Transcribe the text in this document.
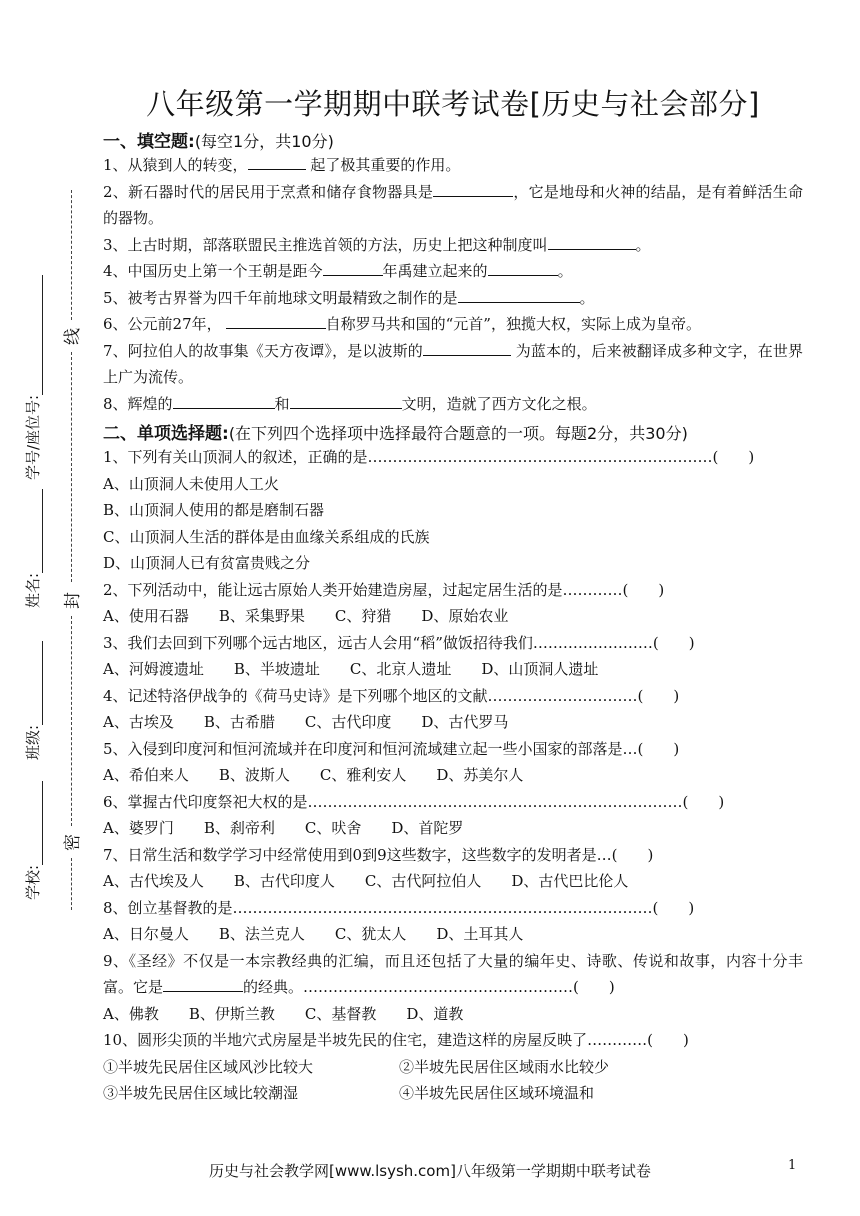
学校:
班级:
姓名:
学号/座位号:
线
封
密
八年级第一学期期中联考试卷[历史与社会部分]
一、填空题:(每空1分，共10分)
1、从猿到人的转变，	起了极其重要的作用。
2、新石器时代的居民用于烹煮和储存食物器具是	，它是地母和火神的结晶，是有着鲜活生命的器物。
3、上古时期，部落联盟民主推选首领的方法，历史上把这种制度叫	。
4、中国历史上第一个王朝是距今	年禹建立起来的	。
5、被考古界誉为四千年前地球文明最精致之制作的是	。
6、公元前27年，	自称罗马共和国的“元首”，独揽大权，实际上成为皇帝。
7、阿拉伯人的故事集《天方夜谭》，是以波斯的	为蓝本的，后来被翻译成多种文字，在世界上广为流传。
8、辉煌的	和	文明，造就了西方文化之根。
二、单项选择题:(在下列四个选择项中选择最符合题意的一项。每题2分，共30分)
1、下列有关山顶洞人的叙述，正确的是……………………………………………………………(　　)
A、山顶洞人未使用人工火
B、山顶洞人使用的都是磨制石器
C、山顶洞人生活的群体是由血缘关系组成的氏族
D、山顶洞人已有贫富贵贱之分
2、下列活动中，能让远古原始人类开始建造房屋，过起定居生活的是…………(　　)
A、使用石器　　B、采集野果　　C、狩猎　　D、原始农业
3、我们去回到下列哪个远古地区，远古人会用“稻”做饭招待我们……………………(　　)
A、河姆渡遗址　　B、半坡遗址　　C、北京人遗址　　D、山顶洞人遗址
4、记述特洛伊战争的《荷马史诗》是下列哪个地区的文献…………………………(　　)
A、古埃及　　B、古希腊　　C、古代印度　　D、古代罗马
5、入侵到印度河和恒河流域并在印度河和恒河流域建立起一些小国家的部落是…(　　)
A、希伯来人　　B、波斯人　　C、雅利安人　　D、苏美尔人
6、掌握古代印度祭祀大权的是…………………………………………………………………(　　)
A、婆罗门　　B、刹帝利　　C、吠舍　　D、首陀罗
7、日常生活和数学学习中经常使用到0到9这些数字，这些数字的发明者是…(　　)
A、古代埃及人　　B、古代印度人　　C、古代阿拉伯人　　D、古代巴比伦人
8、创立基督教的是…………………………………………………………………………(　　)
A、日尔曼人　　B、法兰克人　　C、犹太人　　D、土耳其人
9、《圣经》不仅是一本宗教经典的汇编，而且还包括了大量的编年史、诗歌、传说和故事，内容十分丰富。它是	的经典。………………………………………………(　　)
A、佛教　　B、伊斯兰教　　C、基督教　　D、道教
10、圆形尖顶的半地穴式房屋是半坡先民的住宅，建造这样的房屋反映了…………(　　)
①半坡先民居住区域风沙比较大	②半坡先民居住区域雨水比较少
③半坡先民居住区域比较潮湿	④半坡先民居住区域环境温和
历史与社会教学网[www.lsysh.com]八年级第一学期期中联考试卷	1
